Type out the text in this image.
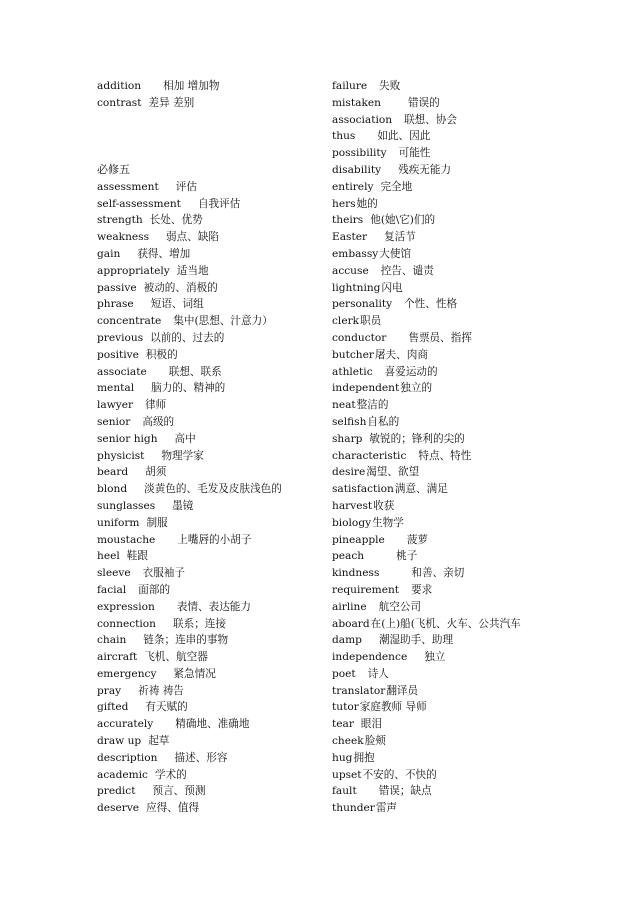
addition 相加 增加物
contrast 差异 差别
必修五
assessment 评估
self-assessment 自我评估
strength 长处、优势
weakness 弱点、缺陷
gain 获得、增加
appropriately 适当地
passive 被动的、消极的
phrase 短语、词组
concentrate 集中(思想、汁意力）
previous 以前的、过去的
positive 积极的
associate 联想、联系
mental 脑力的、精神的
lawyer 律师
senior 高级的
senior high 高中
physicist 物理学家
beard 胡须
blond 淡黄色的、毛发及皮肤浅色的
sunglasses 墨镜
uniform 制服
moustache 上嘴唇的小胡子
heel 鞋跟
sleeve 衣服袖子
facial 面部的
expression 表情、表达能力
connection 联系；连接
chain 链条；连串的事物
aircraft 飞机、航空器
emergency 紧急情况
pray 祈祷 祷告
gifted 有天赋的
accurately 精确地、准确地
draw up 起草
description 描述、形容
academic 学术的
predict 预言、预测
deserve 应得、值得
failure 失败
mistaken	错误的
association 联想、协会
thus 如此、因此
possibility 可能性
disability 残疾无能力
entirely 完全地
hers她的
theirs 他(她\它)们的
Easter 复活节
embassy大使馆
accuse 控告、谴责
lightning闪电
personality 个性、性格
clerk职员
conductor 售票员、指挥
butcher屠夫、肉商
athletic 喜爱运动的
independent独立的
neat整洁的
selfish自私的
sharp 敏锐的；锋利的尖的
characteristic 特点、特性
desire渴望、欲望
satisfaction满意、满足
harvest收获
biology生物学
pineapple 菠萝
peach	桃子
kindness	和善、亲切
requirement 要求
airline 航空公司
aboard在(上)船(飞机、火车、公共汽车
damp 潮湿助手、助理
independence 独立
poet 诗人
translator翻译员
tutor家庭教师 导师
tear 眼泪
cheek脸颊
hug拥抱
upset不安的、不快的
fault 错误；缺点
thunder雷声
